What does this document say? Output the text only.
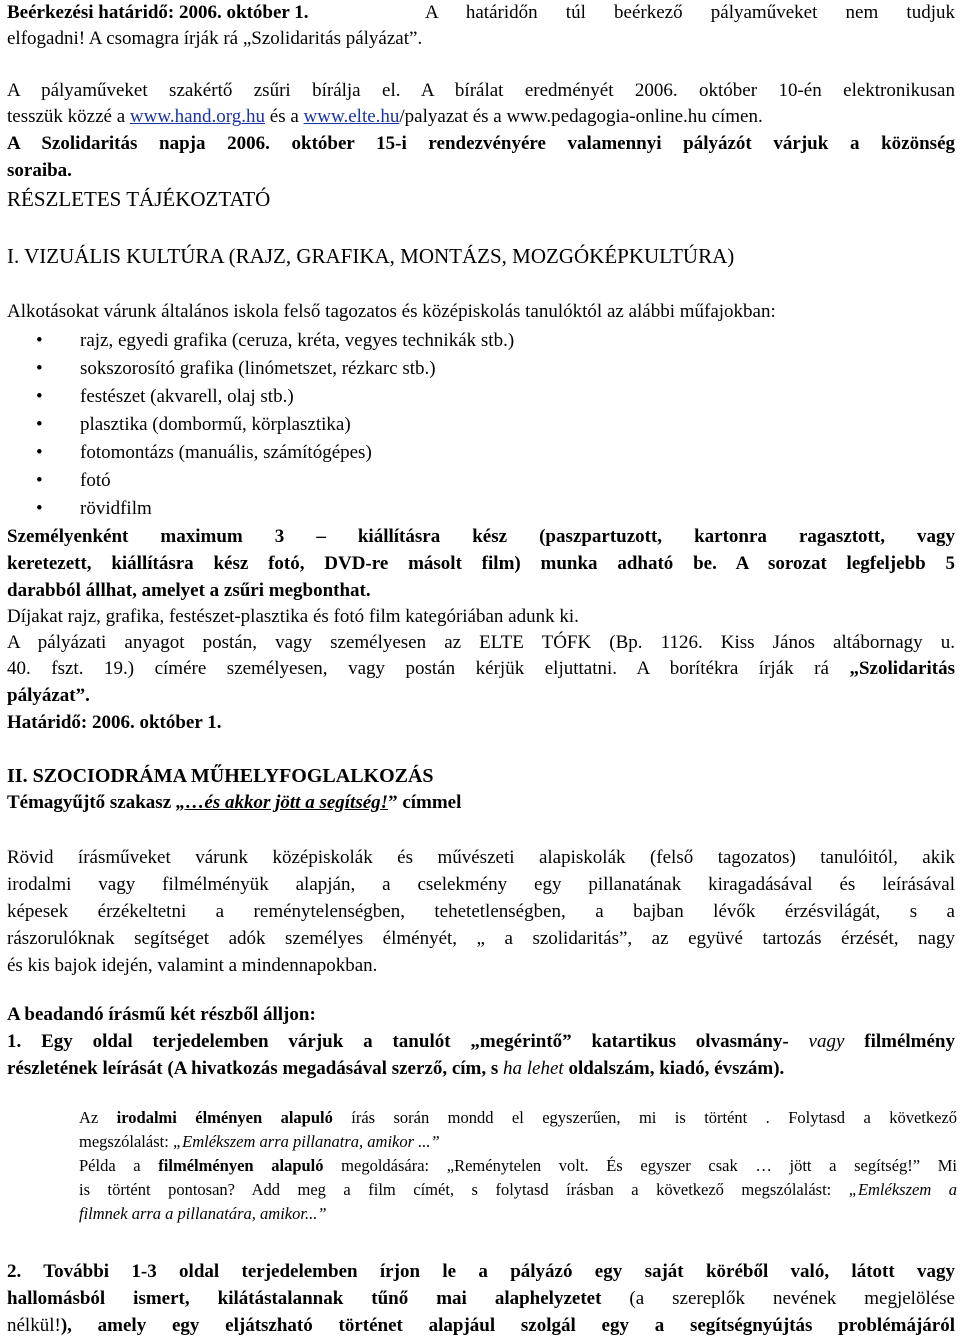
Beérkezési határidő: 2006. október 1.	A határidőn túl beérkező pályaműveket nem tudjuk
elfogadni! A csomagra írják rá „Szolidaritás pályázat”.
A pályaműveket szakértő zsűri bírálja el. A bírálat eredményét 2006. október 10-én elektronikusan
tesszük közzé a www.hand.org.hu és a www.elte.hu/palyazat és a www.pedagogia-online.hu címen.
A Szolidaritás napja 2006. október 15-i rendezvényére valamennyi pályázót várjuk a közönség
soraiba.
RÉSZLETES TÁJÉKOZTATÓ
I. VIZUÁLIS KULTÚRA (RAJZ, GRAFIKA, MONTÁZS, MOZGÓKÉPKULTÚRA)
Alkotásokat várunk általános iskola felső tagozatos és középiskolás tanulóktól az alábbi műfajokban:
• rajz, egyedi grafika (ceruza, kréta, vegyes technikák stb.)
• sokszorosító grafika (linómetszet, rézkarc stb.)
• festészet (akvarell, olaj stb.)
• plasztika (dombormű, körplasztika)
• fotomontázs (manuális, számítógépes)
• fotó
• rövidfilm
Személyenként maximum 3 – kiállításra kész (paszpartuzott, kartonra ragasztott, vagy
keretezett, kiállításra kész fotó, DVD-re másolt film) munka adható be. A sorozat legfeljebb 5
darabból állhat, amelyet a zsűri megbonthat.
Díjakat rajz, grafika, festészet-plasztika és fotó film kategóriában adunk ki.
A pályázati anyagot postán, vagy személyesen az ELTE TÓFK (Bp. 1126. Kiss János altábornagy u.
40. fszt. 19.) címére személyesen, vagy postán kérjük eljuttatni. A borítékra írják rá „Szolidaritás
pályázat”.
Határidő: 2006. október 1.
II. SZOCIODRÁMA MŰHELYFOGLALKOZÁS
Témagyűjtő szakasz „…és akkor jött a segítség!” címmel
Rövid írásműveket várunk középiskolák és művészeti alapiskolák (felső tagozatos) tanulóitól, akik
irodalmi vagy filmélményük alapján, a cselekmény egy pillanatának kiragadásával és leírásával
képesek érzékeltetni a reménytelenségben, tehetetlenségben, a bajban lévők érzésvilágát, s a
rászorulóknak segítséget adók személyes élményét, „ a szolidaritás”, az együvé tartozás érzését, nagy
és kis bajok idején, valamint a mindennapokban.
A beadandó írásmű két részből álljon:
1. Egy oldal terjedelemben várjuk a tanulót „megérintő” katartikus olvasmány- vagy filmélmény
részletének leírását (A hivatkozás megadásával szerző, cím, s ha lehet oldalszám, kiadó, évszám).
Az irodalmi élményen alapuló írás során mondd el egyszerűen, mi is történt . Folytasd a következő
megszólalást: „Emlékszem arra pillanatra, amikor ...”
Példa a filmélményen alapuló megoldására: „Reménytelen volt. És egyszer csak … jött a segítség!” Mi
is történt pontosan? Add meg a film címét, s folytasd írásban a következő megszólalást: „Emlékszem a
filmnek arra a pillanatára, amikor...”
2. További 1-3 oldal terjedelemben írjon le a pályázó egy saját köréből való, látott vagy
hallomásból ismert, kilátástalannak tűnő mai alaphelyzetet (a szereplők nevének megjelölése
nélkül!), amely egy eljátszható történet alapjául szolgál egy a segítségnyújtás problémájáról
